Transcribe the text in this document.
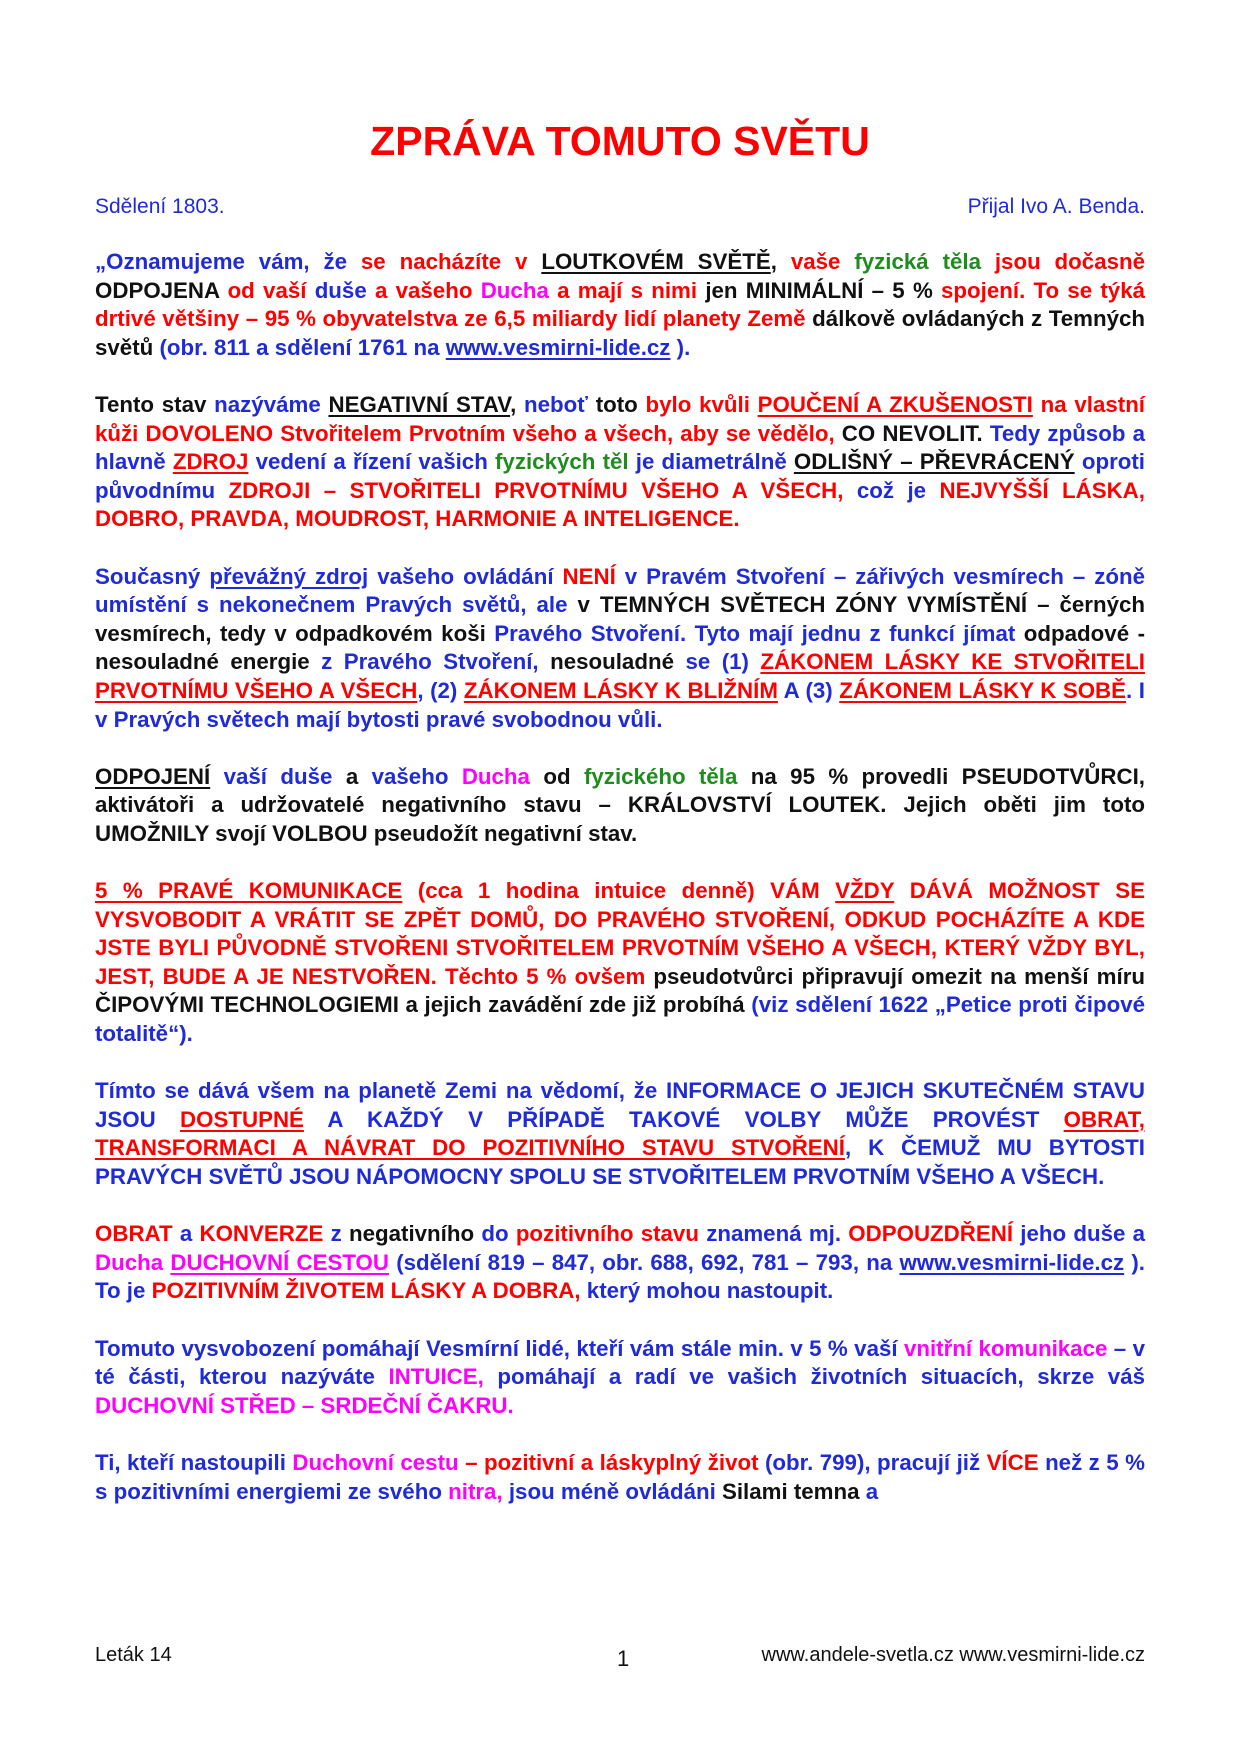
ZPRÁVA TOMUTO SVĚTU
Sdělení 1803.	Přijal Ivo A. Benda.

„Oznamujeme vám, že se nacházíte v LOUTKOVÉM SVĚTĚ, vaše fyzická těla jsou dočasně ODPOJENA od vaší duše a vašeho Ducha a mají s nimi jen MINIMÁLNÍ – 5 % spojení. To se týká drtivé většiny – 95 % obyvatelstva ze 6,5 miliardy lidí planety Země dálkově ovládaných z Temných světů (obr. 811 a sdělení 1761 na www.vesmirni-lide.cz ).

Tento stav nazýváme NEGATIVNÍ STAV, neboť toto bylo kvůli POUČENÍ A ZKUŠENOSTI na vlastní kůži DOVOLENO Stvořitelem Prvotním všeho a všech, aby se vědělo, CO NEVOLIT. Tedy způsob a hlavně ZDROJ vedení a řízení vašich fyzických těl je diametrálně ODLIŠNÝ – PŘEVRÁCENÝ oproti původnímu ZDROJI – STVOŘITELI PRVOTNÍMU VŠEHO A VŠECH, což je NEJVYŠŠÍ LÁSKA, DOBRO, PRAVDA, MOUDROST, HARMONIE A INTELIGENCE.

Současný převážný zdroj vašeho ovládání NENÍ v Pravém Stvoření – zářivých vesmírech – zóně umístění s nekonečnem Pravých světů, ale v TEMNÝCH SVĚTECH ZÓNY VYMÍSTĚNÍ – černých vesmírech, tedy v odpadkovém koši Pravého Stvoření. Tyto mají jednu z funkcí jímat odpadové - nesouladné energie z Pravého Stvoření, nesouladné se (1) ZÁKONEM LÁSKY KE STVOŘITELI PRVOTNÍMU VŠEHO A VŠECH, (2) ZÁKONEM LÁSKY K BLIŽNÍM A (3) ZÁKONEM LÁSKY K SOBĚ. I v Pravých světech mají bytosti pravé svobodnou vůli.

ODPOJENÍ vaší duše a vašeho Ducha od fyzického těla na 95 % provedli PSEUDOTVŮRCI, aktivátoři a udržovatelé negativního stavu – KRÁLOVSTVÍ LOUTEK. Jejich oběti jim toto UMOŽNILY svojí VOLBOU pseudožít negativní stav.

5 % PRAVÉ KOMUNIKACE (cca 1 hodina intuice denně) VÁM VŽDY DÁVÁ MOŽNOST SE VYSVOBODIT A VRÁTIT SE ZPĚT DOMŮ, DO PRAVÉHO STVOŘENÍ, ODKUD POCHÁZÍTE A KDE JSTE BYLI PŮVODNĚ STVOŘENI STVOŘITELEM PRVOTNÍM VŠEHO A VŠECH, KTERÝ VŽDY BYL, JEST, BUDE A JE NESTVOŘEN. Těchto 5 % ovšem pseudotvůrci připravují omezit na menší míru ČIPOVÝMI TECHNOLOGIEMI a jejich zavádění zde již probíhá (viz sdělení 1622 „Petice proti čipové totalitě“).

Tímto se dává všem na planetě Zemi na vědomí, že INFORMACE O JEJICH SKUTEČNÉM STAVU JSOU DOSTUPNÉ A KAŽDÝ V PŘÍPADĚ TAKOVÉ VOLBY MŮŽE PROVÉST OBRAT, TRANSFORMACI A NÁVRAT DO POZITIVNÍHO STAVU STVOŘENÍ, K ČEMUŽ MU BYTOSTI PRAVÝCH SVĚTŮ JSOU NÁPOMOCNY SPOLU SE STVOŘITELEM PRVOTNÍM VŠEHO A VŠECH.

OBRAT a KONVERZE z negativního do pozitivního stavu znamená mj. ODPOUZDŘENÍ jeho duše a Ducha DUCHOVNÍ CESTOU (sdělení 819 – 847, obr. 688, 692, 781 – 793, na www.vesmirni-lide.cz ). To je POZITIVNÍM ŽIVOTEM LÁSKY A DOBRA, který mohou nastoupit.

Tomuto vysvobození pomáhají Vesmírní lidé, kteří vám stále min. v 5 % vaší vnitřní komunikace – v té části, kterou nazýváte INTUICE, pomáhají a radí ve vašich životních situacích, skrze váš DUCHOVNÍ STŘED – SRDEČNÍ ČAKRU.

Ti, kteří nastoupili Duchovní cestu – pozitivní a láskyplný život (obr. 799), pracují již VÍCE než z 5 % s pozitivními energiemi ze svého nitra, jsou méně ovládáni Silami temna a

Leták 14	1	www.andele-svetla.cz www.vesmirni-lide.cz
